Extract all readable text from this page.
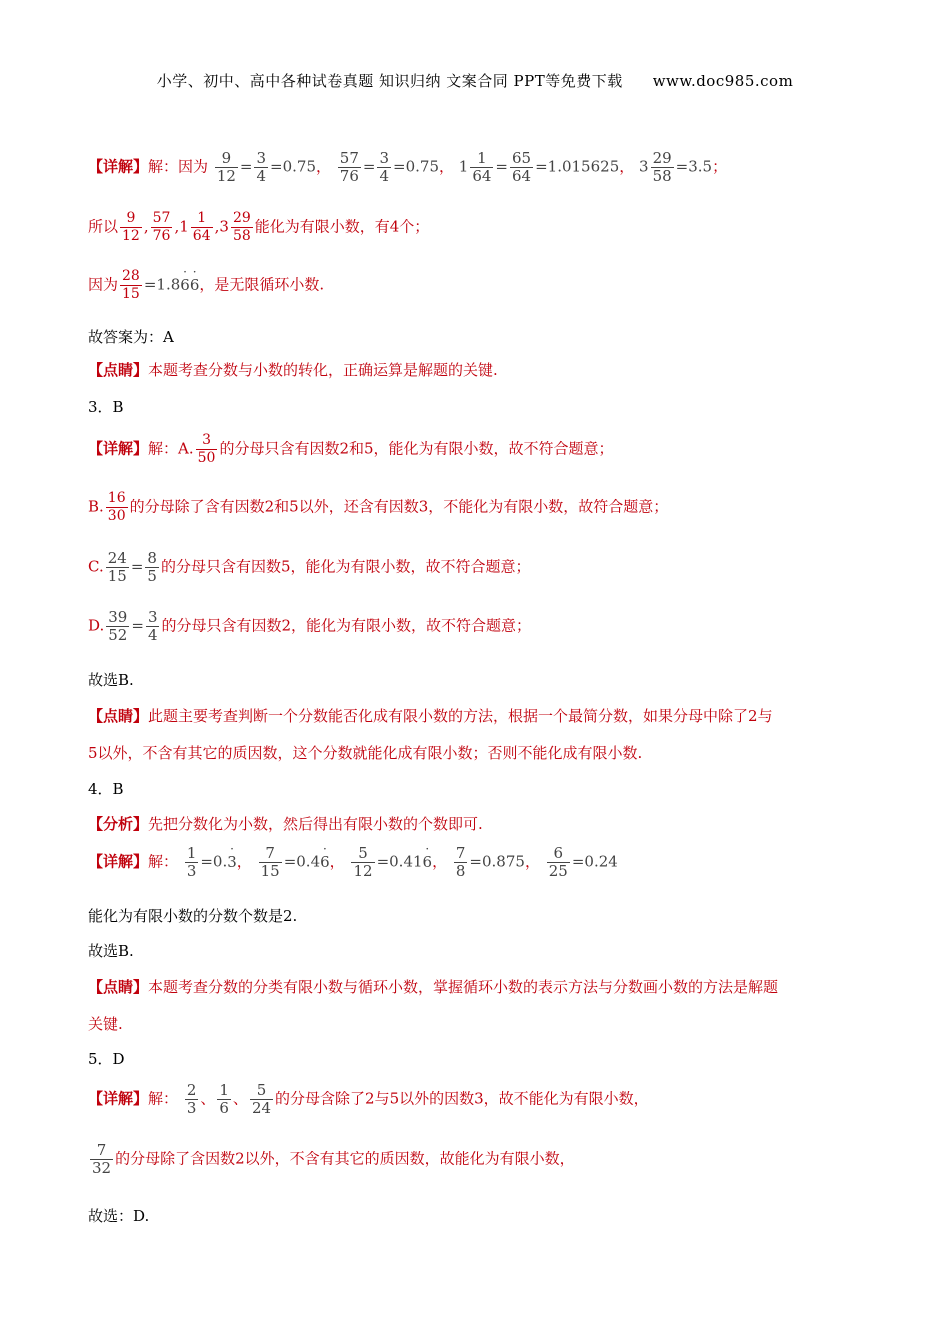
小学、初中、高中各种试卷真题 知识归纳 文案合同 PPT等免费下载 www.doc985.com
【详解】解：因为 $\frac{9}{12} = \frac{3}{4} =0.75$， $\frac{57}{76} = \frac{3}{4} =0.75$， $1 \frac{1}{64} = \frac{65}{64} =1.015625$， $3 \frac{29}{58} =3.5$；
所以 $\frac{9}{12}$ , $\frac{57}{76} ,1 \frac{1}{64} ,3 \frac{29}{58}$ 能化为有限小数，有4个；
因为 $\frac{28}{15} =1.8\cdot 6\cdot 6$，是无限循环小数.
故答案为：A
【点睛】本题考查分数与小数的转化，正确运算是解题的关键.
3．B
【详解】解：A. $\frac{3}{50}$ 的分母只含有因数2和5，能化为有限小数，故不符合题意；
B. $\frac{16}{30}$ 的分母除了含有因数2和5以外，还含有因数3，不能化为有限小数，故符合题意；
C. $\frac{24}{15} = \frac{8}{5}$ 的分母只含有因数5，能化为有限小数，故不符合题意；
D. $\frac{39}{52} = \frac{3}{4}$ 的分母只含有因数2，能化为有限小数，故不符合题意；
故选B.
【点睛】此题主要考查判断一个分数能否化成有限小数的方法，根据一个最简分数，如果分母中除了2与
5以外，不含有其它的质因数，这个分数就能化成有限小数；否则不能化成有限小数.
4．B
【分析】先把分数化为小数，然后得出有限小数的个数即可.
【详解】解： $\frac{1}{3} =0.\cdot 3$， $\frac{7}{15} =0.4\cdot 6$， $\frac{5}{12} =0.41\cdot 6$， $\frac{7}{8} =0.875$， $\frac{6}{25} =0.24$
能化为有限小数的分数个数是2.
故选B.
【点睛】本题考查分数的分类有限小数与循环小数，掌握循环小数的表示方法与分数画小数的方法是解题
关键.
5．D
【详解】解： $\frac{2}{3}$ 、 $\frac{1}{6}$ 、 $\frac{5}{24}$ 的分母含除了2与5以外的因数3，故不能化为有限小数，
$\frac{7}{32}$ 的分母除了含因数2以外，不含有其它的质因数，故能化为有限小数，
故选：D.
